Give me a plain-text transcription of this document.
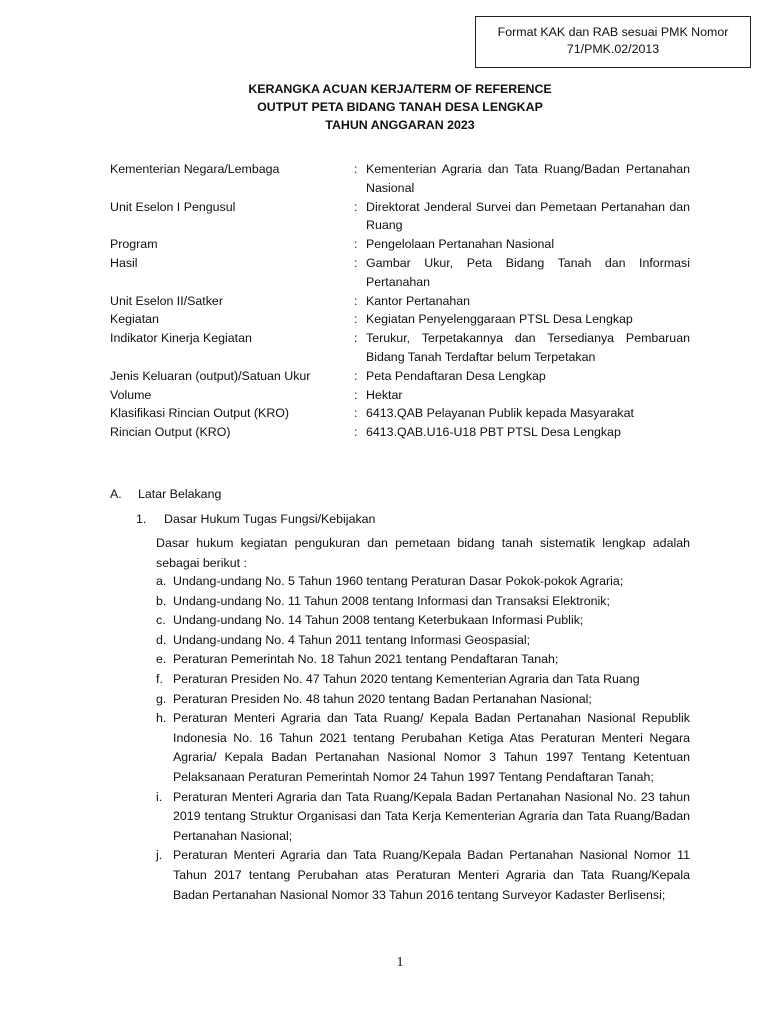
Format KAK dan RAB sesuai PMK Nomor
71/PMK.02/2013
KERANGKA ACUAN KERJA/TERM OF REFERENCE
OUTPUT PETA BIDANG TANAH DESA LENGKAP
TAHUN ANGGARAN 2023
Kementerian Negara/Lembaga	: Kementerian Agraria dan Tata Ruang/Badan Pertanahan Nasional
Unit Eselon I Pengusul	: Direktorat Jenderal Survei dan Pemetaan Pertanahan dan Ruang
Program	: Pengelolaan Pertanahan Nasional
Hasil	: Gambar Ukur, Peta Bidang Tanah dan Informasi Pertanahan
Unit Eselon II/Satker	: Kantor Pertanahan
Kegiatan	: Kegiatan Penyelenggaraan PTSL Desa Lengkap
Indikator Kinerja Kegiatan	: Terukur, Terpetakannya dan Tersedianya Pembaruan Bidang Tanah Terdaftar belum Terpetakan
Jenis Keluaran (output)/Satuan Ukur	: Peta Pendaftaran Desa Lengkap
Volume	: Hektar
Klasifikasi Rincian Output (KRO)	: 6413.QAB Pelayanan Publik kepada Masyarakat
Rincian Output (KRO)	: 6413.QAB.U16-U18 PBT PTSL Desa Lengkap
A. Latar Belakang
1. Dasar Hukum Tugas Fungsi/Kebijakan
Dasar hukum kegiatan pengukuran dan pemetaan bidang tanah sistematik lengkap adalah sebagai berikut :
a. Undang-undang No. 5 Tahun 1960 tentang Peraturan Dasar Pokok-pokok Agraria;
b. Undang-undang No. 11 Tahun 2008 tentang Informasi dan Transaksi Elektronik;
c. Undang-undang No. 14 Tahun 2008 tentang Keterbukaan Informasi Publik;
d. Undang-undang No. 4 Tahun 2011 tentang Informasi Geospasial;
e. Peraturan Pemerintah No. 18 Tahun 2021 tentang Pendaftaran Tanah;
f. Peraturan Presiden No. 47 Tahun 2020 tentang Kementerian Agraria dan Tata Ruang
g. Peraturan Presiden No. 48 tahun 2020 tentang Badan Pertanahan Nasional;
h. Peraturan Menteri Agraria dan Tata Ruang/ Kepala Badan Pertanahan Nasional Republik Indonesia No. 16 Tahun 2021 tentang Perubahan Ketiga Atas Peraturan Menteri Negara Agraria/ Kepala Badan Pertanahan Nasional Nomor 3 Tahun 1997 Tentang Ketentuan Pelaksanaan Peraturan Pemerintah Nomor 24 Tahun 1997 Tentang Pendaftaran Tanah;
i. Peraturan Menteri Agraria dan Tata Ruang/Kepala Badan Pertanahan Nasional No. 23 tahun 2019 tentang Struktur Organisasi dan Tata Kerja Kementerian Agraria dan Tata Ruang/Badan Pertanahan Nasional;
j. Peraturan Menteri Agraria dan Tata Ruang/Kepala Badan Pertanahan Nasional Nomor 11 Tahun 2017 tentang Perubahan atas Peraturan Menteri Agraria dan Tata Ruang/Kepala Badan Pertanahan Nasional Nomor 33 Tahun 2016 tentang Surveyor Kadaster Berlisensi;
1
